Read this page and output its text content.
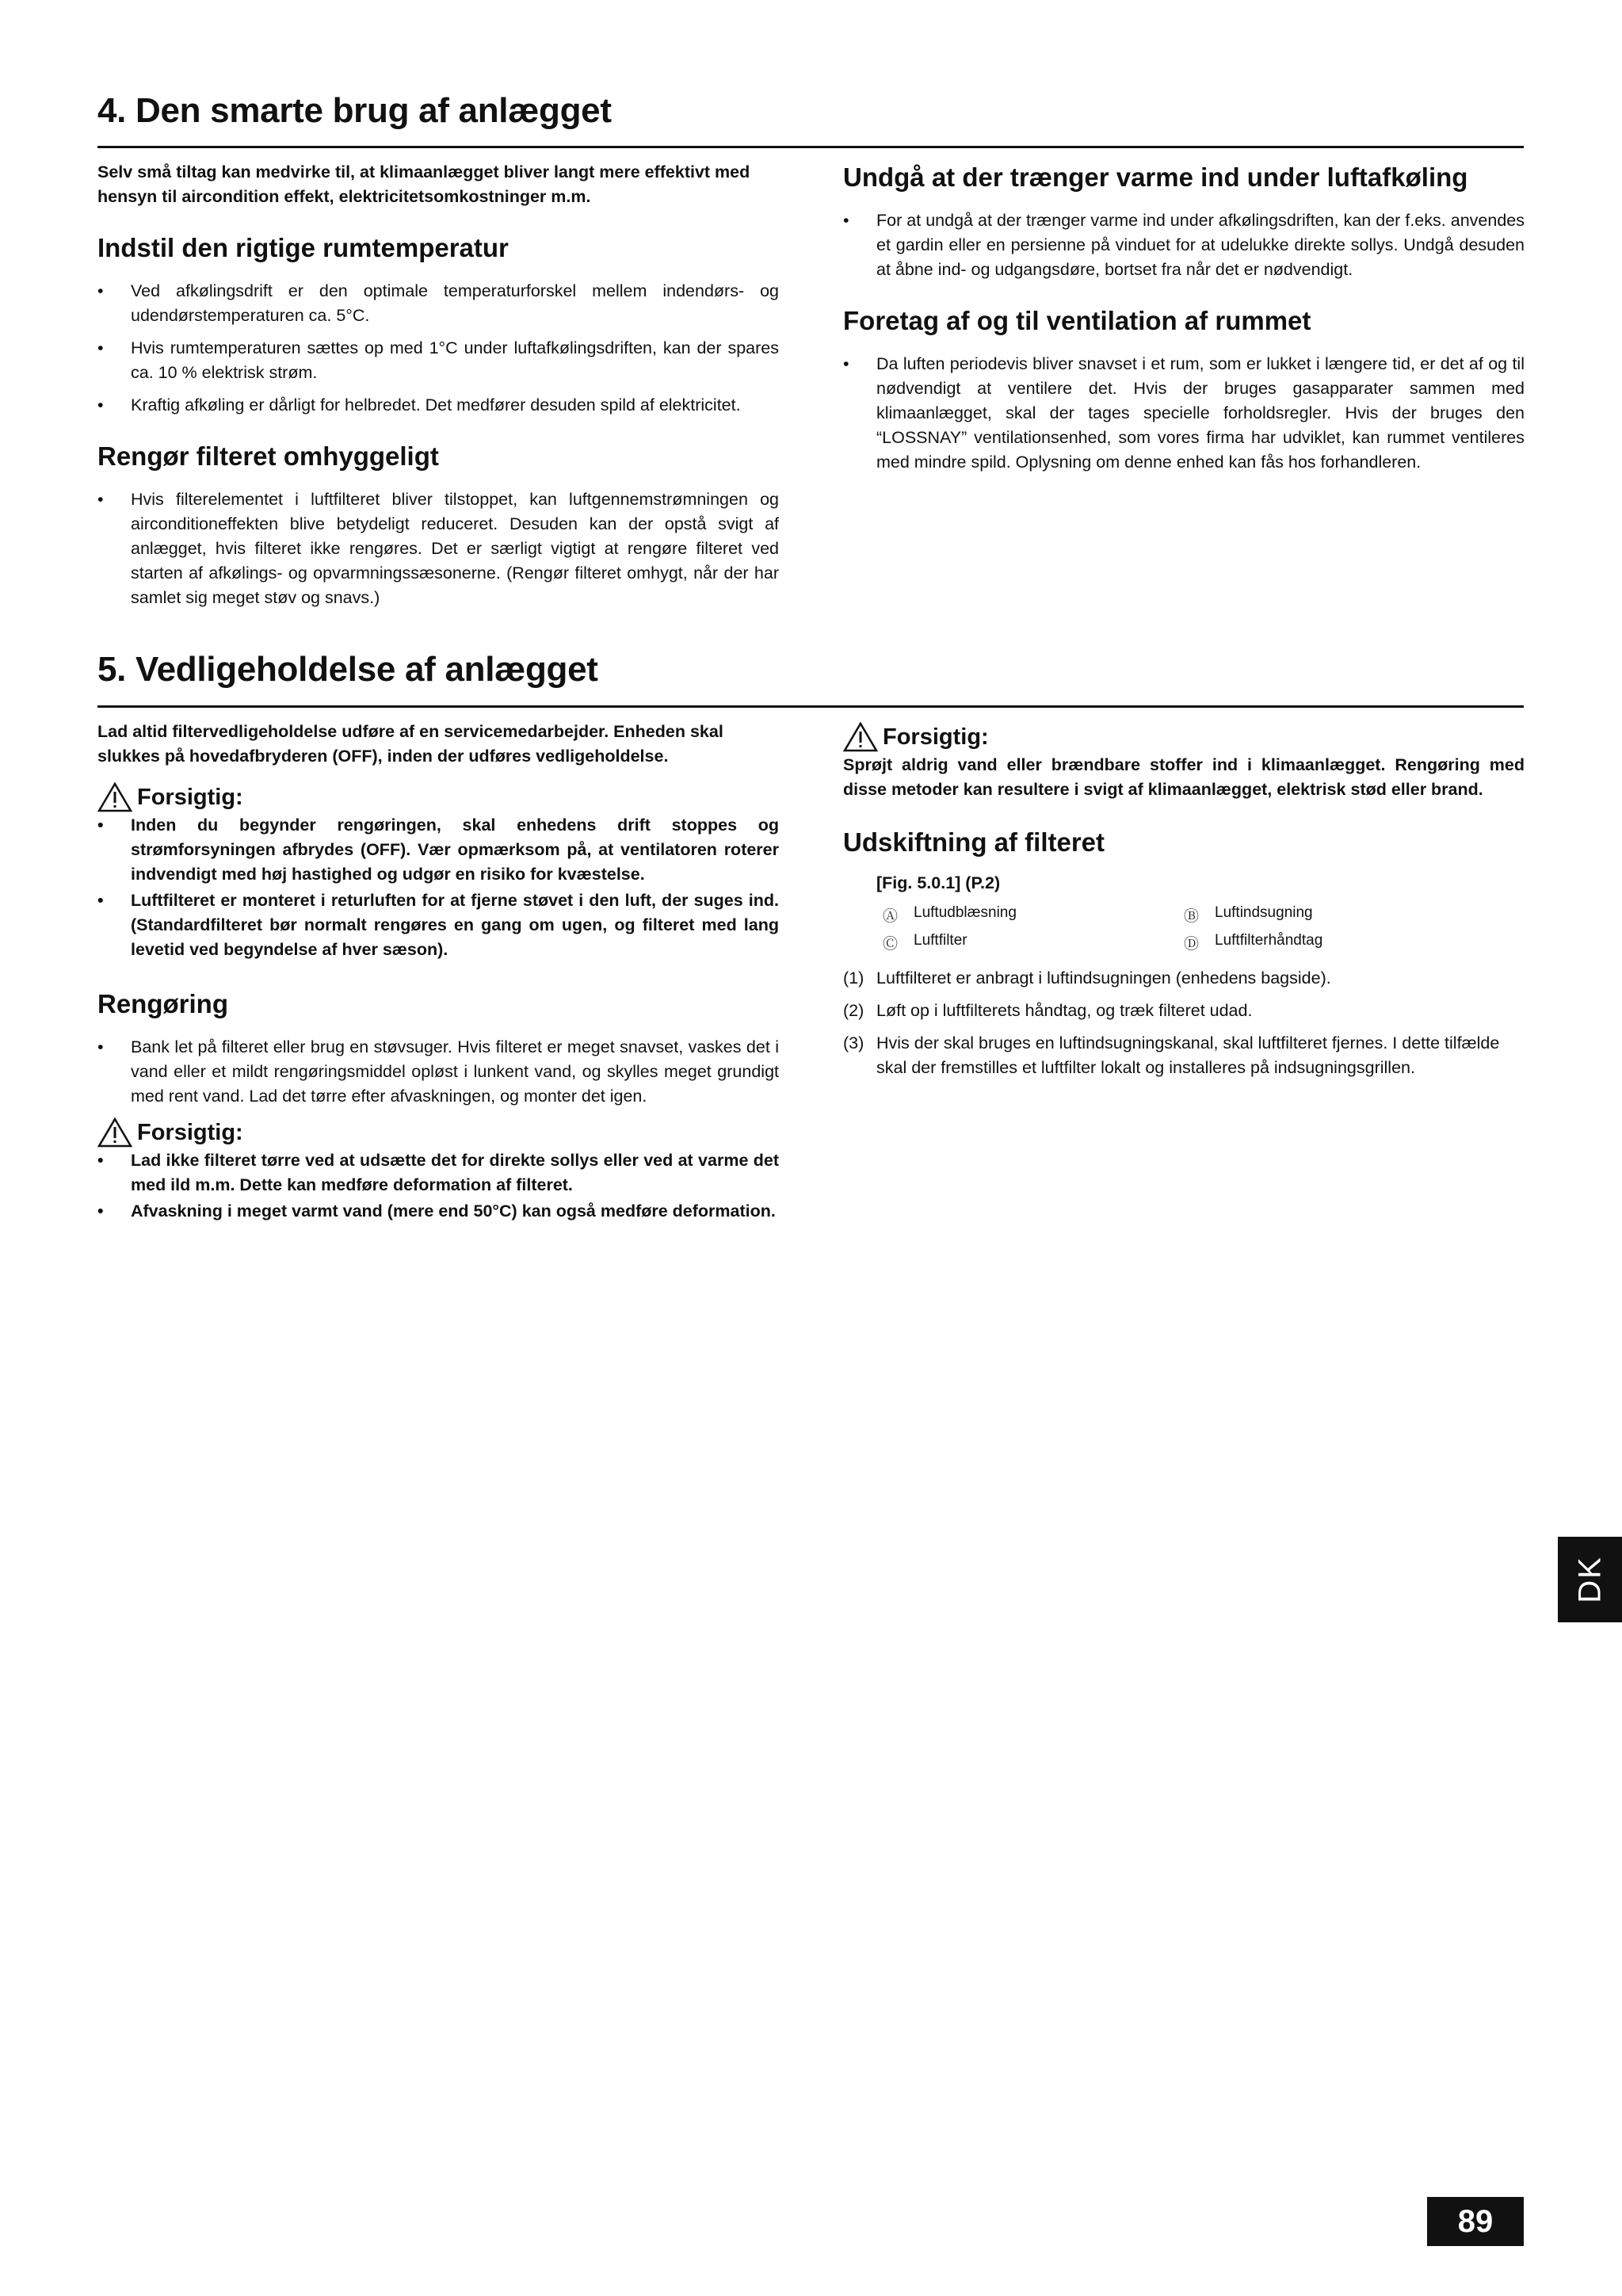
4. Den smarte brug af anlægget

Selv små tiltag kan medvirke til, at klimaanlægget bliver langt mere effektivt med hensyn til aircondition effekt, elektricitetsomkostninger m.m.

Indstil den rigtige rumtemperatur
• Ved afkølingsdrift er den optimale temperaturforskel mellem indendørs- og udendørstemperaturen ca. 5°C.
• Hvis rumtemperaturen sættes op med 1°C under luftafkølingsdriften, kan der spares ca. 10 % elektrisk strøm.
• Kraftig afkøling er dårligt for helbredet. Det medfører desuden spild af elektricitet.
Rengør filteret omhyggeligt
• Hvis filterelementet i luftfilteret bliver tilstoppet, kan luftgennemstrømningen og airconditioneffekten blive betydeligt reduceret. Desuden kan der opstå svigt af anlægget, hvis filteret ikke rengøres. Det er særligt vigtigt at rengøre filteret ved starten af afkølings- og opvarmningssæsonerne. (Rengør filteret omhygt, når der har samlet sig meget støv og snavs.)
Undgå at der trænger varme ind under luftafkøling
• For at undgå at der trænger varme ind under afkølingsdriften, kan der f.eks. anvendes et gardin eller en persienne på vinduet for at udelukke direkte sollys. Undgå desuden at åbne ind- og udgangsdøre, bortset fra når det er nødvendigt.
Foretag af og til ventilation af rummet
• Da luften periodevis bliver snavset i et rum, som er lukket i længere tid, er det af og til nødvendigt at ventilere det. Hvis der bruges gasapparater sammen med klimaanlægget, skal der tages specielle forholdsregler. Hvis der bruges den “LOSSNAY” ventilationsenhed, som vores firma har udviklet, kan rummet ventileres med mindre spild. Oplysning om denne enhed kan fås hos forhandleren.
5. Vedligeholdelse af anlægget

Lad altid filtervedligeholdelse udføre af en servicemedarbejder. Enheden skal slukkes på hovedafbryderen (OFF), inden der udføres vedligeholdelse.

Forsigtig:
• Inden du begynder rengøringen, skal enhedens drift stoppes og strømforsyningen afbrydes (OFF). Vær opmærksom på, at ventilatoren roterer indvendigt med høj hastighed og udgør en risiko for kvæstelse.
• Luftfilteret er monteret i returluften for at fjerne støvet i den luft, der suges ind. (Standardfilteret bør normalt rengøres en gang om ugen, og filteret med lang levetid ved begyndelse af hver sæson).
Rengøring
• Bank let på filteret eller brug en støvsuger. Hvis filteret er meget snavset, vaskes det i vand eller et mildt rengøringsmiddel opløst i lunkent vand, og skylles meget grundigt med rent vand. Lad det tørre efter afvaskningen, og monter det igen.
Forsigtig:
• Lad ikke filteret tørre ved at udsætte det for direkte sollys eller ved at varme det med ild m.m. Dette kan medføre deformation af filteret.
• Afvaskning i meget varmt vand (mere end 50°C) kan også medføre deformation.
Forsigtig:

Sprøjt aldrig vand eller brændbare stoffer ind i klimaanlægget. Rengøring med disse metoder kan resultere i svigt af klimaanlægget, elektrisk stød eller brand.

Udskiftning af filteret

[Fig. 5.0.1] (P.2)

Ⓐ Luftudblæsning	Ⓑ Luftindsugning
Ⓒ Luftfilter	Ⓓ Luftfilterhåndtag
(1) Luftfilteret er anbragt i luftindsugningen (enhedens bagside).
(2) Løft op i luftfilterets håndtag, og træk filteret udad.
(3) Hvis der skal bruges en luftindsugningskanal, skal luftfilteret fjernes. I dette tilfælde skal der fremstilles et luftfilter lokalt og installeres på indsugningsgrillen.
DK
89
